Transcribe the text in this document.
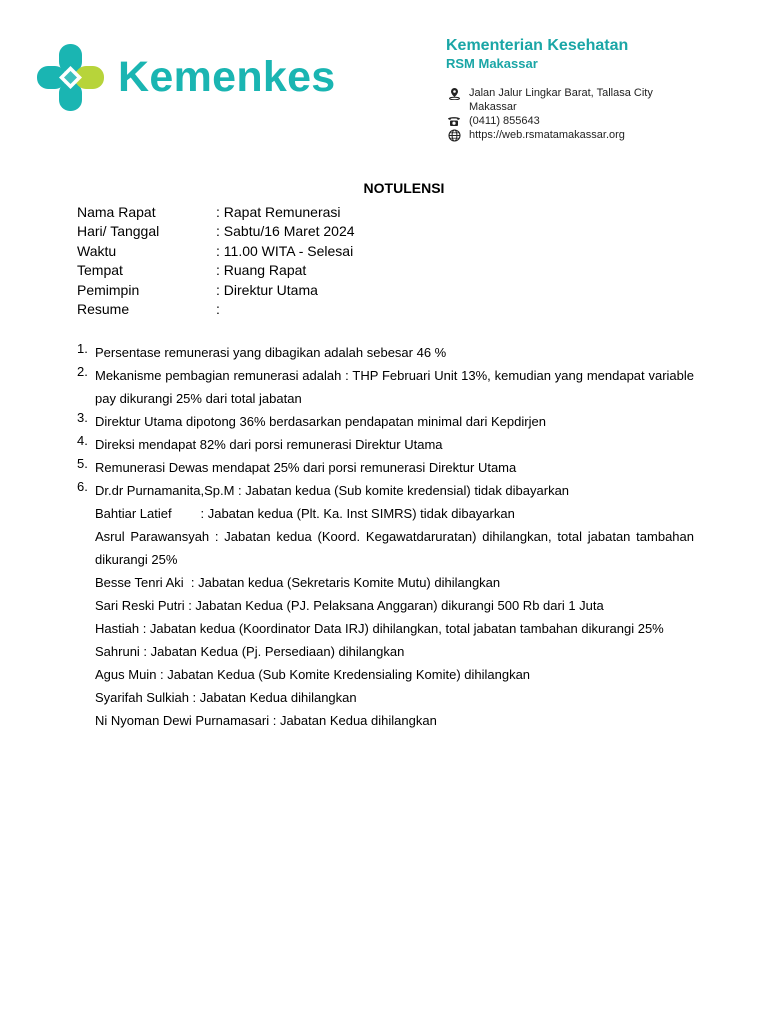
Kemenkes
Kementerian Kesehatan
RSM Makassar
Jalan Jalur Lingkar Barat, Tallasa City
Makassar
(0411) 855643
https://web.rsmatamakassar.org
NOTULENSI
Nama Rapat	: Rapat Remunerasi
Hari/ Tanggal	: Sabtu/16 Maret 2024
Waktu	: 11.00 WITA - Selesai
Tempat	: Ruang Rapat
Pemimpin	: Direktur Utama
Resume	:
1. Persentase remunerasi yang dibagikan adalah sebesar 46 %
2. Mekanisme pembagian remunerasi adalah : THP Februari Unit 13%, kemudian yang mendapat variable pay dikurangi 25% dari total jabatan
3. Direktur Utama dipotong 36% berdasarkan pendapatan minimal dari Kepdirjen
4. Direksi mendapat 82% dari porsi remunerasi Direktur Utama
5. Remunerasi Dewas mendapat 25% dari porsi remunerasi Direktur Utama
6. Dr.dr Purnamanita,Sp.M : Jabatan kedua (Sub komite kredensial) tidak dibayarkan
Bahtiar Latief        : Jabatan kedua (Plt. Ka. Inst SIMRS) tidak dibayarkan
Asrul Parawansyah : Jabatan kedua (Koord. Kegawatdaruratan) dihilangkan, total jabatan tambahan dikurangi 25%
Besse Tenri Aki  : Jabatan kedua (Sekretaris Komite Mutu) dihilangkan
Sari Reski Putri : Jabatan Kedua (PJ. Pelaksana Anggaran) dikurangi 500 Rb dari 1 Juta
Hastiah : Jabatan kedua (Koordinator Data IRJ) dihilangkan, total jabatan tambahan dikurangi 25%
Sahruni : Jabatan Kedua (Pj. Persediaan) dihilangkan
Agus Muin : Jabatan Kedua (Sub Komite Kredensialing Komite) dihilangkan
Syarifah Sulkiah : Jabatan Kedua dihilangkan
Ni Nyoman Dewi Purnamasari : Jabatan Kedua dihilangkan
